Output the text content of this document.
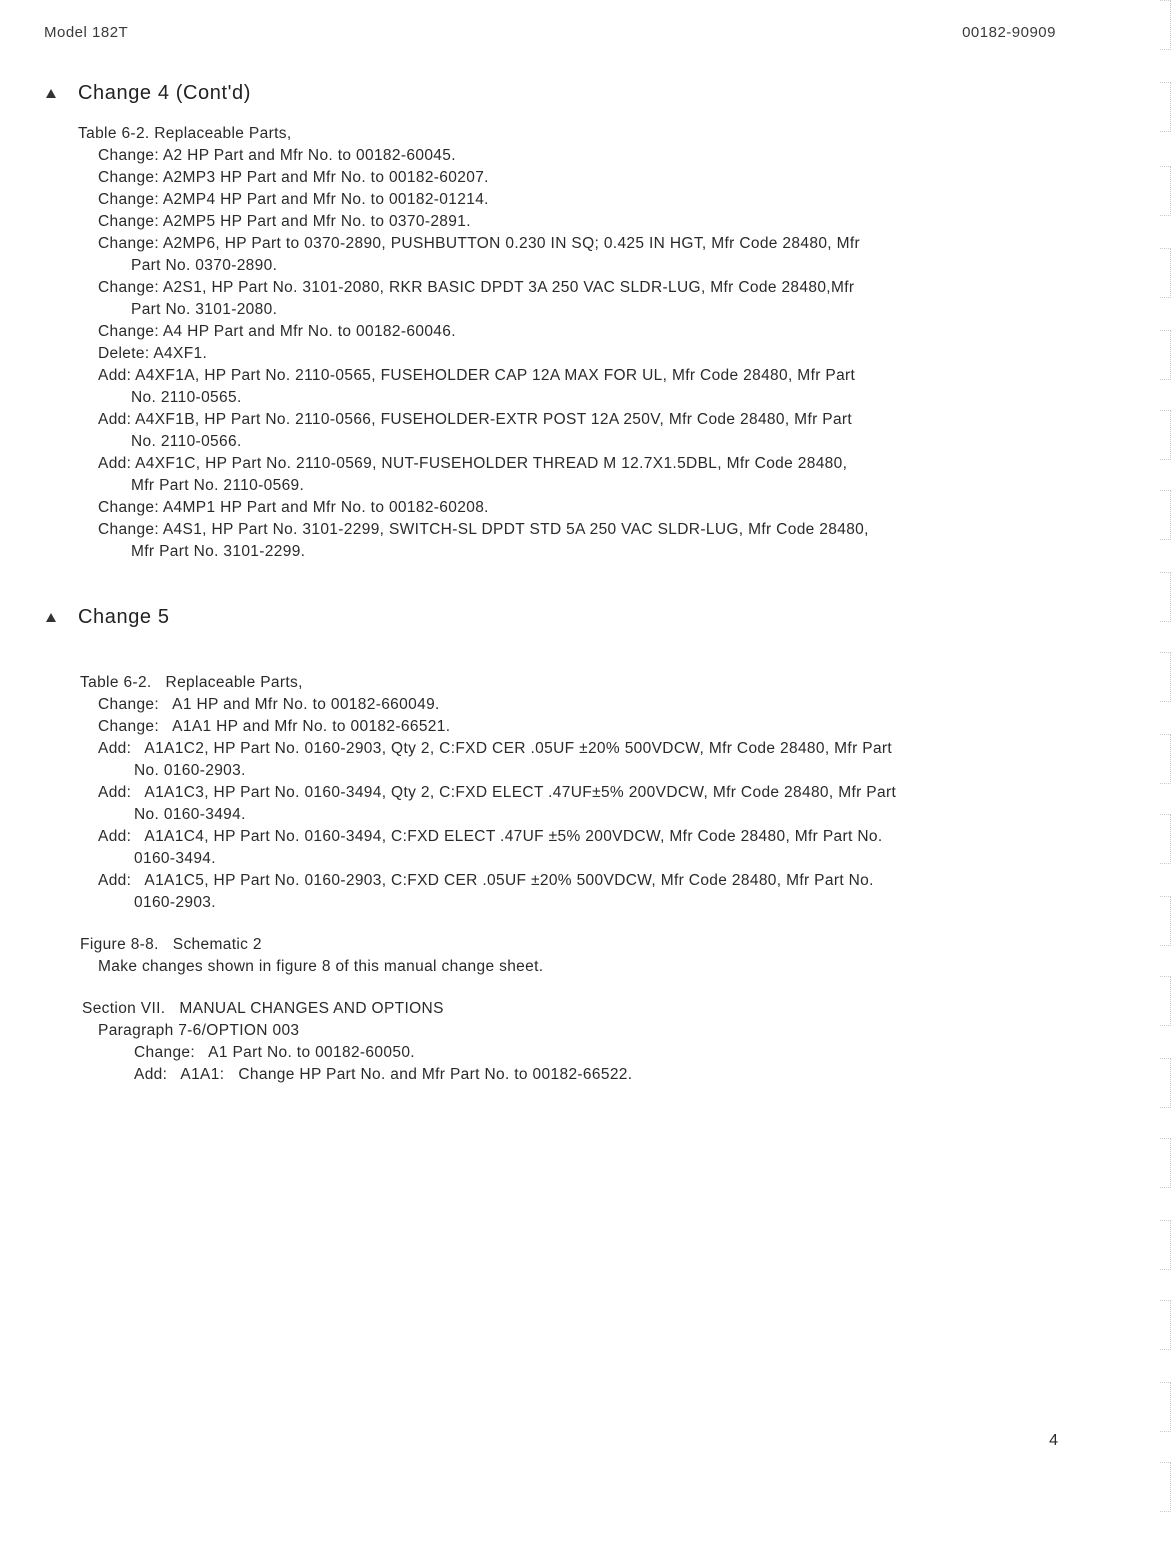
Model 182T	00182-90909
Change 4 (Cont'd)
Table 6-2. Replaceable Parts,
Change: A2 HP Part and Mfr No. to 00182-60045.
Change: A2MP3 HP Part and Mfr No. to 00182-60207.
Change: A2MP4 HP Part and Mfr No. to 00182-01214.
Change: A2MP5 HP Part and Mfr No. to 0370-2891.
Change: A2MP6, HP Part to 0370-2890, PUSHBUTTON 0.230 IN SQ; 0.425 IN HGT, Mfr Code 28480, Mfr
Part No. 0370-2890.
Change: A2S1, HP Part No. 3101-2080, RKR BASIC DPDT 3A 250 VAC SLDR-LUG, Mfr Code 28480,Mfr
Part No. 3101-2080.
Change: A4 HP Part and Mfr No. to 00182-60046.
Delete: A4XF1.
Add: A4XF1A, HP Part No. 2110-0565, FUSEHOLDER CAP 12A MAX FOR UL, Mfr Code 28480, Mfr Part
No. 2110-0565.
Add: A4XF1B, HP Part No. 2110-0566, FUSEHOLDER-EXTR POST 12A 250V, Mfr Code 28480, Mfr Part
No. 2110-0566.
Add: A4XF1C, HP Part No. 2110-0569, NUT-FUSEHOLDER THREAD M 12.7X1.5DBL, Mfr Code 28480,
Mfr Part No. 2110-0569.
Change: A4MP1 HP Part and Mfr No. to 00182-60208.
Change: A4S1, HP Part No. 3101-2299, SWITCH-SL DPDT STD 5A 250 VAC SLDR-LUG, Mfr Code 28480,
Mfr Part No. 3101-2299.
Change 5
Table 6-2.   Replaceable Parts,
Change:   A1 HP and Mfr No. to 00182-660049.
Change:   A1A1 HP and Mfr No. to 00182-66521.
Add:   A1A1C2, HP Part No. 0160-2903, Qty 2, C:FXD CER .05UF ±20% 500VDCW, Mfr Code 28480, Mfr Part
No. 0160-2903.
Add:   A1A1C3, HP Part No. 0160-3494, Qty 2, C:FXD ELECT .47UF±5% 200VDCW, Mfr Code 28480, Mfr Part
No. 0160-3494.
Add:   A1A1C4, HP Part No. 0160-3494, C:FXD ELECT .47UF ±5% 200VDCW, Mfr Code 28480, Mfr Part No.
0160-3494.
Add:   A1A1C5, HP Part No. 0160-2903, C:FXD CER .05UF ±20% 500VDCW, Mfr Code 28480, Mfr Part No.
0160-2903.
Figure 8-8.   Schematic 2
Make changes shown in figure 8 of this manual change sheet.
Section VII.   MANUAL CHANGES AND OPTIONS
Paragraph 7-6/OPTION 003
Change:   A1 Part No. to 00182-60050.
Add:   A1A1:   Change HP Part No. and Mfr Part No. to 00182-66522.
4
